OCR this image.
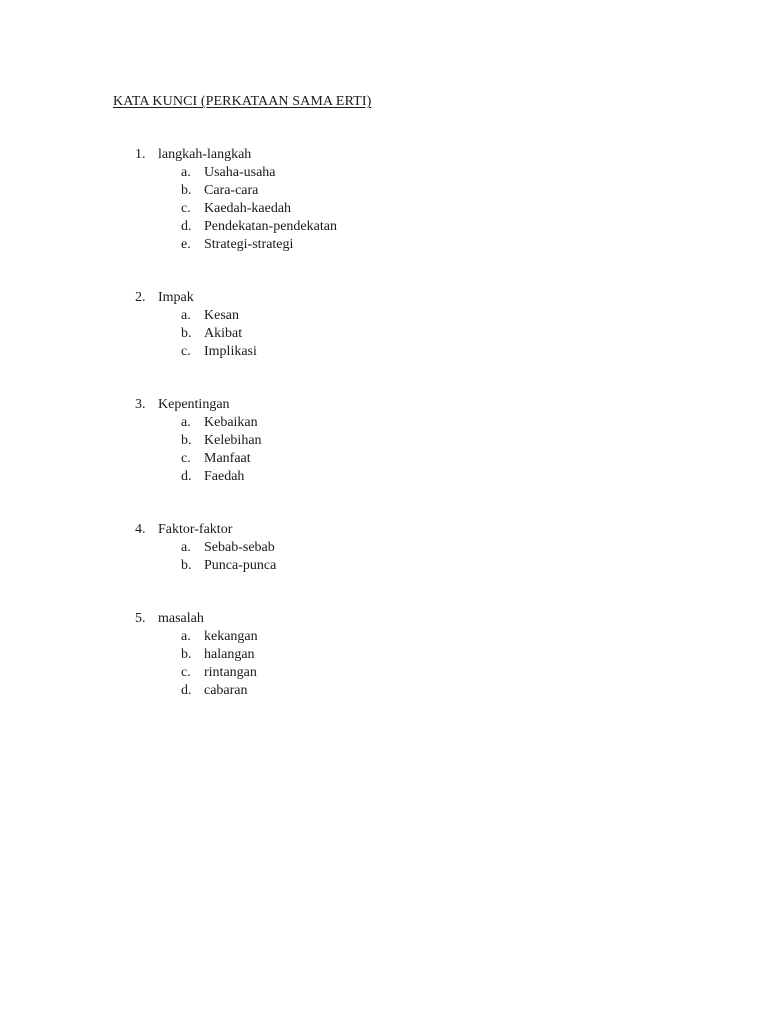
KATA KUNCI (PERKATAAN SAMA ERTI)
1. langkah-langkah
a. Usaha-usaha
b. Cara-cara
c. Kaedah-kaedah
d. Pendekatan-pendekatan
e. Strategi-strategi
2. Impak
a. Kesan
b. Akibat
c. Implikasi
3. Kepentingan
a. Kebaikan
b. Kelebihan
c. Manfaat
d. Faedah
4. Faktor-faktor
a. Sebab-sebab
b. Punca-punca
5. masalah
a. kekangan
b. halangan
c. rintangan
d. cabaran
